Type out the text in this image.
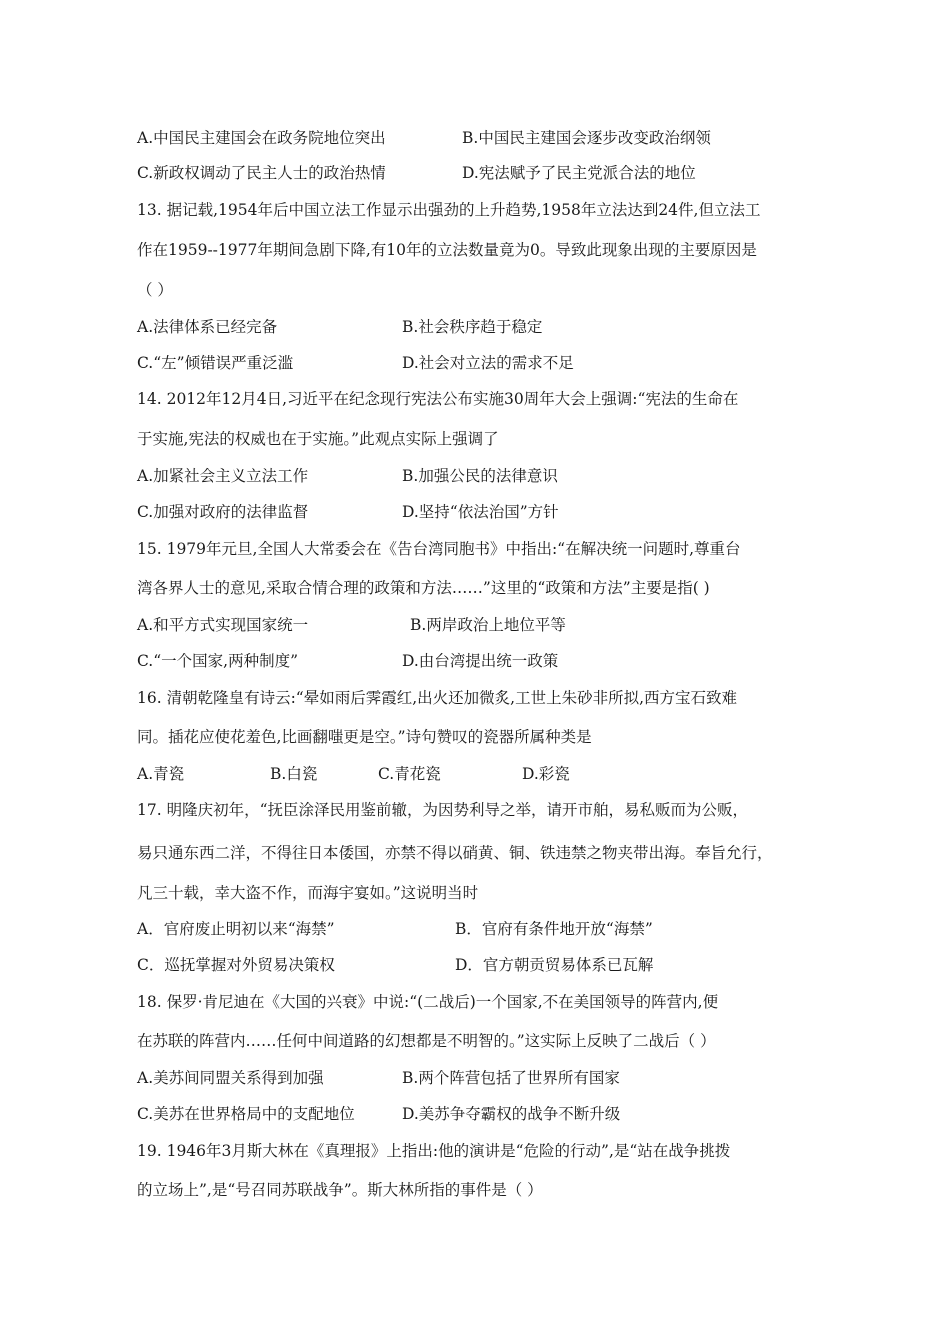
A.中国民主建国会在政务院地位突出	B.中国民主建国会逐步改变政治纲领
C.新政权调动了民主人士的政治热情	D.宪法赋予了民主党派合法的地位
13. 据记载,1954年后中国立法工作显示出强劲的上升趋势,1958年立法达到24件,但立法工
作在1959--1977年期间急剧下降,有10年的立法数量竟为0。导致此现象出现的主要原因是
（ ）
A.法律体系已经完备	B.社会秩序趋于稳定
C.“左”倾错误严重泛滥	D.社会对立法的需求不足
14. 2012年12月4日,习近平在纪念现行宪法公布实施30周年大会上强调:“宪法的生命在
于实施,宪法的权威也在于实施。”此观点实际上强调了
A.加紧社会主义立法工作	B.加强公民的法律意识
C.加强对政府的法律监督	D.坚持“依法治国”方针
15. 1979年元旦,全国人大常委会在《告台湾同胞书》中指出:“在解决统一问题时,尊重台
湾各界人士的意见,采取合情合理的政策和方法……”这里的“政策和方法”主要是指( )
A.和平方式实现国家统一	B.两岸政治上地位平等
C.“一个国家,两种制度”	D.由台湾提出统一政策
16. 清朝乾隆皇有诗云:“晕如雨后霁霞红,出火还加微炙,工世上朱砂非所拟,西方宝石致难
同。插花应使花羞色,比画翻嗤更是空。”诗句赞叹的瓷器所属种类是
A.青瓷	B.白瓷	C.青花瓷	D.彩瓷
17. 明隆庆初年，“抚臣涂泽民用鉴前辙，为因势利导之举，请开市舶，易私贩而为公贩，
易只通东西二洋，不得往日本倭国，亦禁不得以硝黄、铜、铁违禁之物夹带出海。奉旨允行，
凡三十载，幸大盗不作，而海宇宴如。”这说明当时
A．官府废止明初以来“海禁”	B．官府有条件地开放“海禁”
C．巡抚掌握对外贸易决策权	D．官方朝贡贸易体系已瓦解
18. 保罗·肯尼迪在《大国的兴衰》中说:“(二战后)一个国家,不在美国领导的阵营内,便
在苏联的阵营内……任何中间道路的幻想都是不明智的。”这实际上反映了二战后（ ）
A.美苏间同盟关系得到加强	B.两个阵营包括了世界所有国家
C.美苏在世界格局中的支配地位	D.美苏争夺霸权的战争不断升级
19. 1946年3月斯大林在《真理报》上指出:他的演讲是“危险的行动”,是“站在战争挑拨
的立场上”,是“号召同苏联战争”。斯大林所指的事件是（ ）
